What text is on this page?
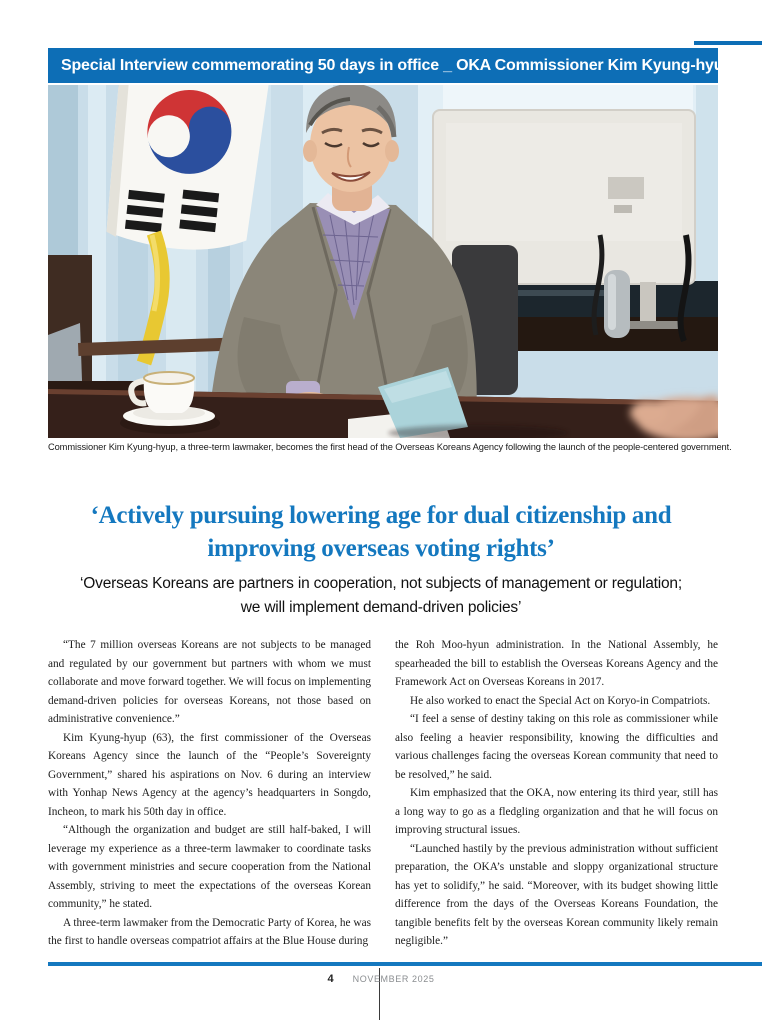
Special Interview commemorating 50 days in office _ OKA Commissioner Kim Kyung-hyup
Commissioner Kim Kyung-hyup, a three-term lawmaker, becomes the first head of the Overseas Koreans Agency following the launch of the people-centered government.
‘Actively pursuing lowering age for dual citizenship and
improving overseas voting rights’
‘Overseas Koreans are partners in cooperation, not subjects of management or regulation;
we will implement demand-driven policies’

“The 7 million overseas Koreans are not subjects to be managed and regulated by our government but partners with whom we must collaborate and move forward together. We will focus on implementing demand-driven policies for overseas Koreans, not those based on administrative convenience.”

Kim Kyung-hyup (63), the first commissioner of the Overseas Koreans Agency since the launch of the “People’s Sovereignty Government,” shared his aspirations on Nov. 6 during an interview with Yonhap News Agency at the agency’s headquarters in Songdo, Incheon, to mark his 50th day in office.

“Although the organization and budget are still half-baked, I will leverage my experience as a three-term lawmaker to coordinate tasks with government ministries and secure cooperation from the National Assembly, striving to meet the expectations of the overseas Korean community,” he stated.

A three-term lawmaker from the Democratic Party of Korea, he was the first to handle overseas compatriot affairs at the Blue House during

the Roh Moo-hyun administration. In the National Assembly, he spearheaded the bill to establish the Overseas Koreans Agency and the Framework Act on Overseas Koreans in 2017.

He also worked to enact the Special Act on Koryo-in Compatriots.

“I feel a sense of destiny taking on this role as commissioner while also feeling a heavier responsibility, knowing the difficulties and various challenges facing the overseas Korean community that need to be resolved,” he said.

Kim emphasized that the OKA, now entering its third year, still has a long way to go as a fledgling organization and that he will focus on improving structural issues.

“Launched hastily by the previous administration without sufficient preparation, the OKA’s unstable and sloppy organizational structure has yet to solidify,” he said. “Moreover, with its budget showing little difference from the days of the Overseas Koreans Foundation, the tangible benefits felt by the overseas Korean community likely remain negligible.”

4 NOVEMBER 2025
